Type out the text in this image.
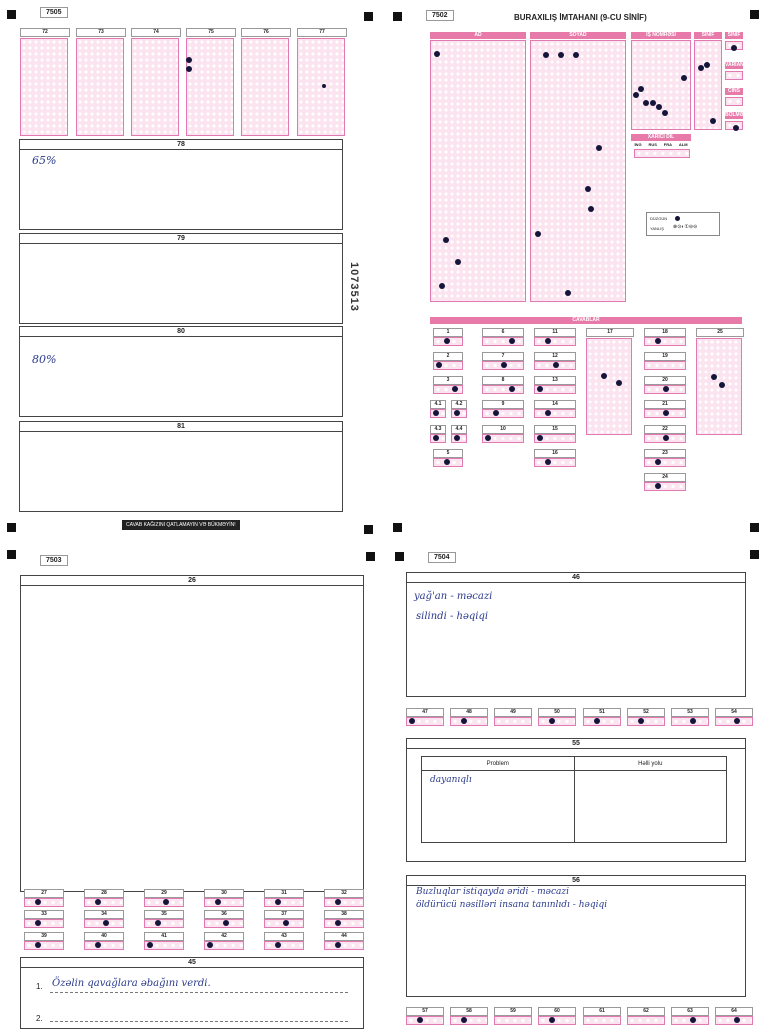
7505
72	73	74	75	76	77
78
65%
79
80
80%
81
CAVAB KAĞIZINI QATLAMAYIN VƏ BÜKMƏYİN!
1073513
7502	BURAXILIŞ İMTAHANI (9-CU SİNİF)
AD	SOYAD	İŞ NÖMRƏSİ	SINIF	SİNİF
VARİANT
CİNS
BÖLMƏ
XARİCİ DİL
İNG RUS FRA ALM
DÜZGÜN
YANLIŞ ⊗⊙◐①⊖⊝
CAVABLAR
1
2
3
4.1	4.2
4.3	4.4
5
6
7
8
9
10
11
12
13
14
15
16
17	18
19
20
21
22
23
24
25
7503
26
27	28	29	30	31	32
33	34	35	36	37	38
39	40	41	42	43	44
45
1. Özəlin qavağlara əbağını verdi.
2.
7504
46
yağ'an - məcazi
silindi - həqiqi
47	48	49	50	51	52	53	54
55
Problem	Həlli yolu

dayanıqlı
56
Buzluqlar istiqayda əridi - məcazi
öldürücü nəsilləri insana tanınlıdı - həqiqi
57	58	59	60	61	62	63	64
